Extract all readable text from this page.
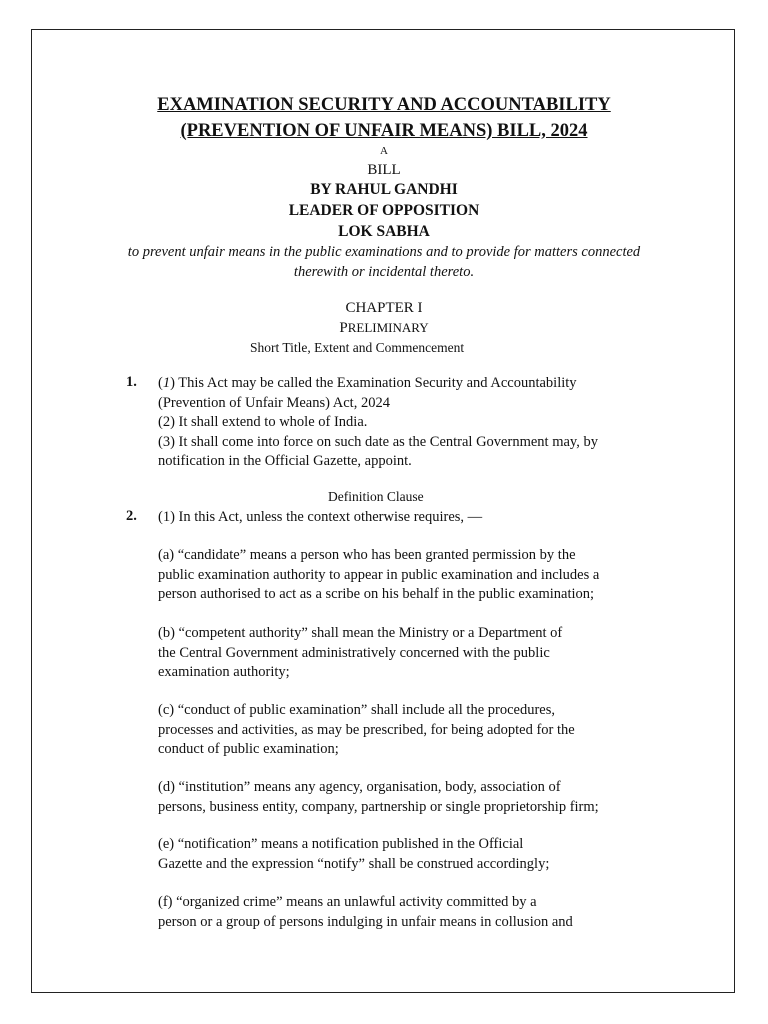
EXAMINATION SECURITY AND ACCOUNTABILITY
(PREVENTION OF UNFAIR MEANS) BILL, 2024
A
BILL
BY RAHUL GANDHI
LEADER OF OPPOSITION
LOK SABHA
to prevent unfair means in the public examinations and to provide for matters connected
therewith or incidental thereto.
CHAPTER I
PRELIMINARY
Short Title, Extent and Commencement
1. (1) This Act may be called the Examination Security and Accountability
(Prevention of Unfair Means) Act, 2024
(2) It shall extend to whole of India.
(3) It shall come into force on such date as the Central Government may, by
notification in the Official Gazette, appoint.
Definition Clause
2. (1) In this Act, unless the context otherwise requires, —
(a) “candidate” means a person who has been granted permission by the
public examination authority to appear in public examination and includes a
person authorised to act as a scribe on his behalf in the public examination;
(b) “competent authority” shall mean the Ministry or a Department of
the Central Government administratively concerned with the public
examination authority;
(c) “conduct of public examination” shall include all the procedures,
processes and activities, as may be prescribed, for being adopted for the
conduct of public examination;
(d) “institution” means any agency, organisation, body, association of
persons, business entity, company, partnership or single proprietorship firm;
(e) “notification” means a notification published in the Official
Gazette and the expression “notify” shall be construed accordingly;
(f) “organized crime” means an unlawful activity committed by a
person or a group of persons indulging in unfair means in collusion and
